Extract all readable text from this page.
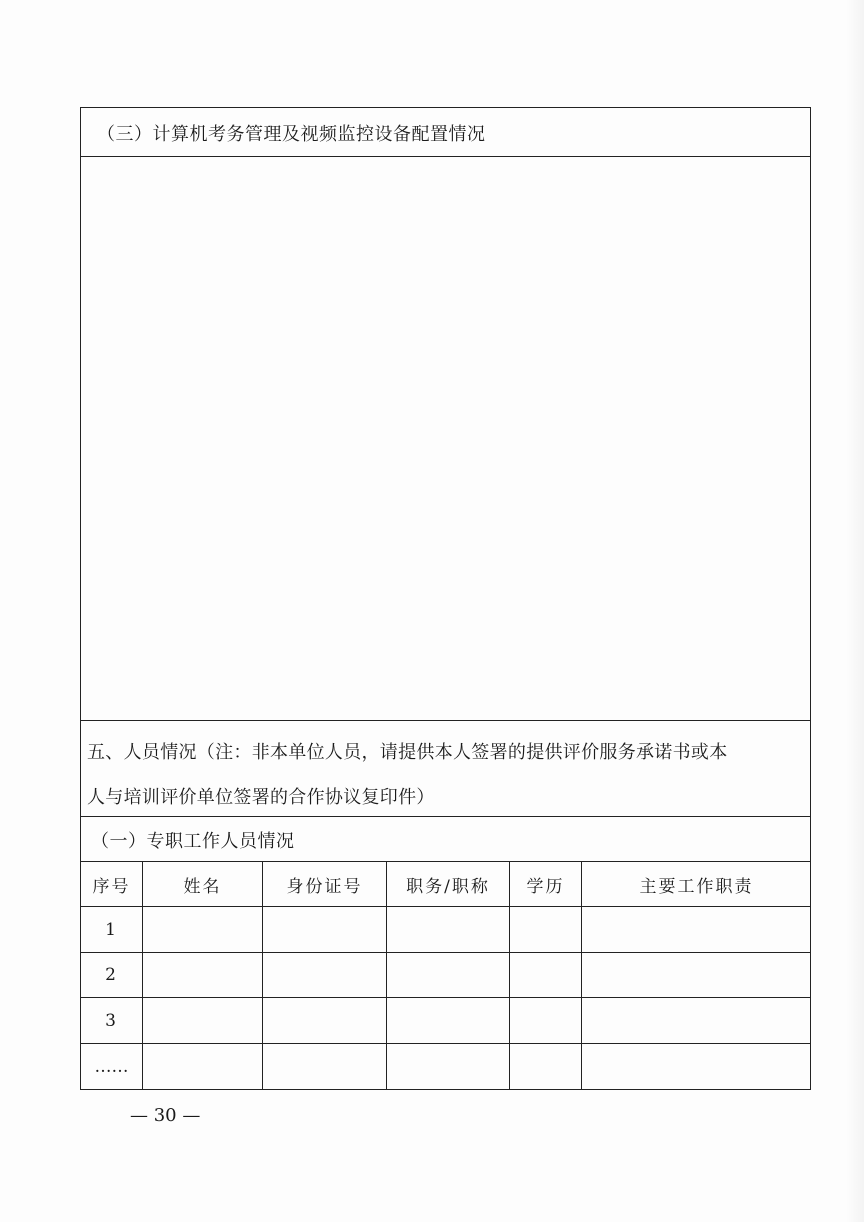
（三）计算机考务管理及视频监控设备配置情况
五、人员情况（注：非本单位人员，请提供本人签署的提供评价服务承诺书或本
人与培训评价单位签署的合作协议复印件）
（一）专职工作人员情况
序号	姓名	身份证号	职务/职称	学历	主要工作职责
1
2
3
……
— 30 —
